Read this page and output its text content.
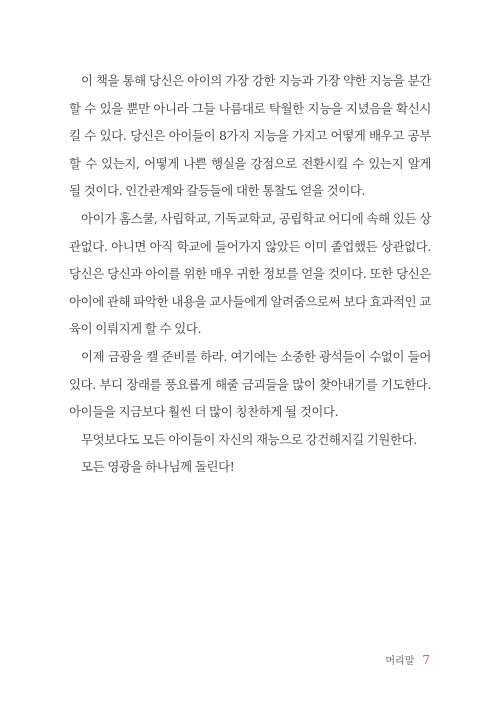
이 책을 통해 당신은 아이의 가장 강한 지능과 가장 약한 지능을 분간할 수 있을 뿐만 아니라 그들 나름대로 탁월한 지능을 지녔음을 확신시킬 수 있다. 당신은 아이들이 8가지 지능을 가지고 어떻게 배우고 공부할 수 있는지, 어떻게 나쁜 행실을 강점으로 전환시킬 수 있는지 알게 될 것이다. 인간관계와 갈등들에 대한 통찰도 얻을 것이다.

아이가 홈스쿨, 사립학교, 기독교학교, 공립학교 어디에 속해 있든 상관없다. 아니면 아직 학교에 들어가지 않았든 이미 졸업했든 상관없다. 당신은 당신과 아이를 위한 매우 귀한 정보를 얻을 것이다. 또한 당신은 아이에 관해 파악한 내용을 교사들에게 알려줌으로써 보다 효과적인 교육이 이뤄지게 할 수 있다.

이제 금광을 캘 준비를 하라. 여기에는 소중한 광석들이 수없이 들어 있다. 부디 장래를 풍요롭게 해줄 금괴들을 많이 찾아내기를 기도한다. 아이들을 지금보다 훨씬 더 많이 칭찬하게 될 것이다.

무엇보다도 모든 아이들이 자신의 재능으로 강건해지길 기원한다.

모든 영광을 하나님께 돌린다!

머리말 7
